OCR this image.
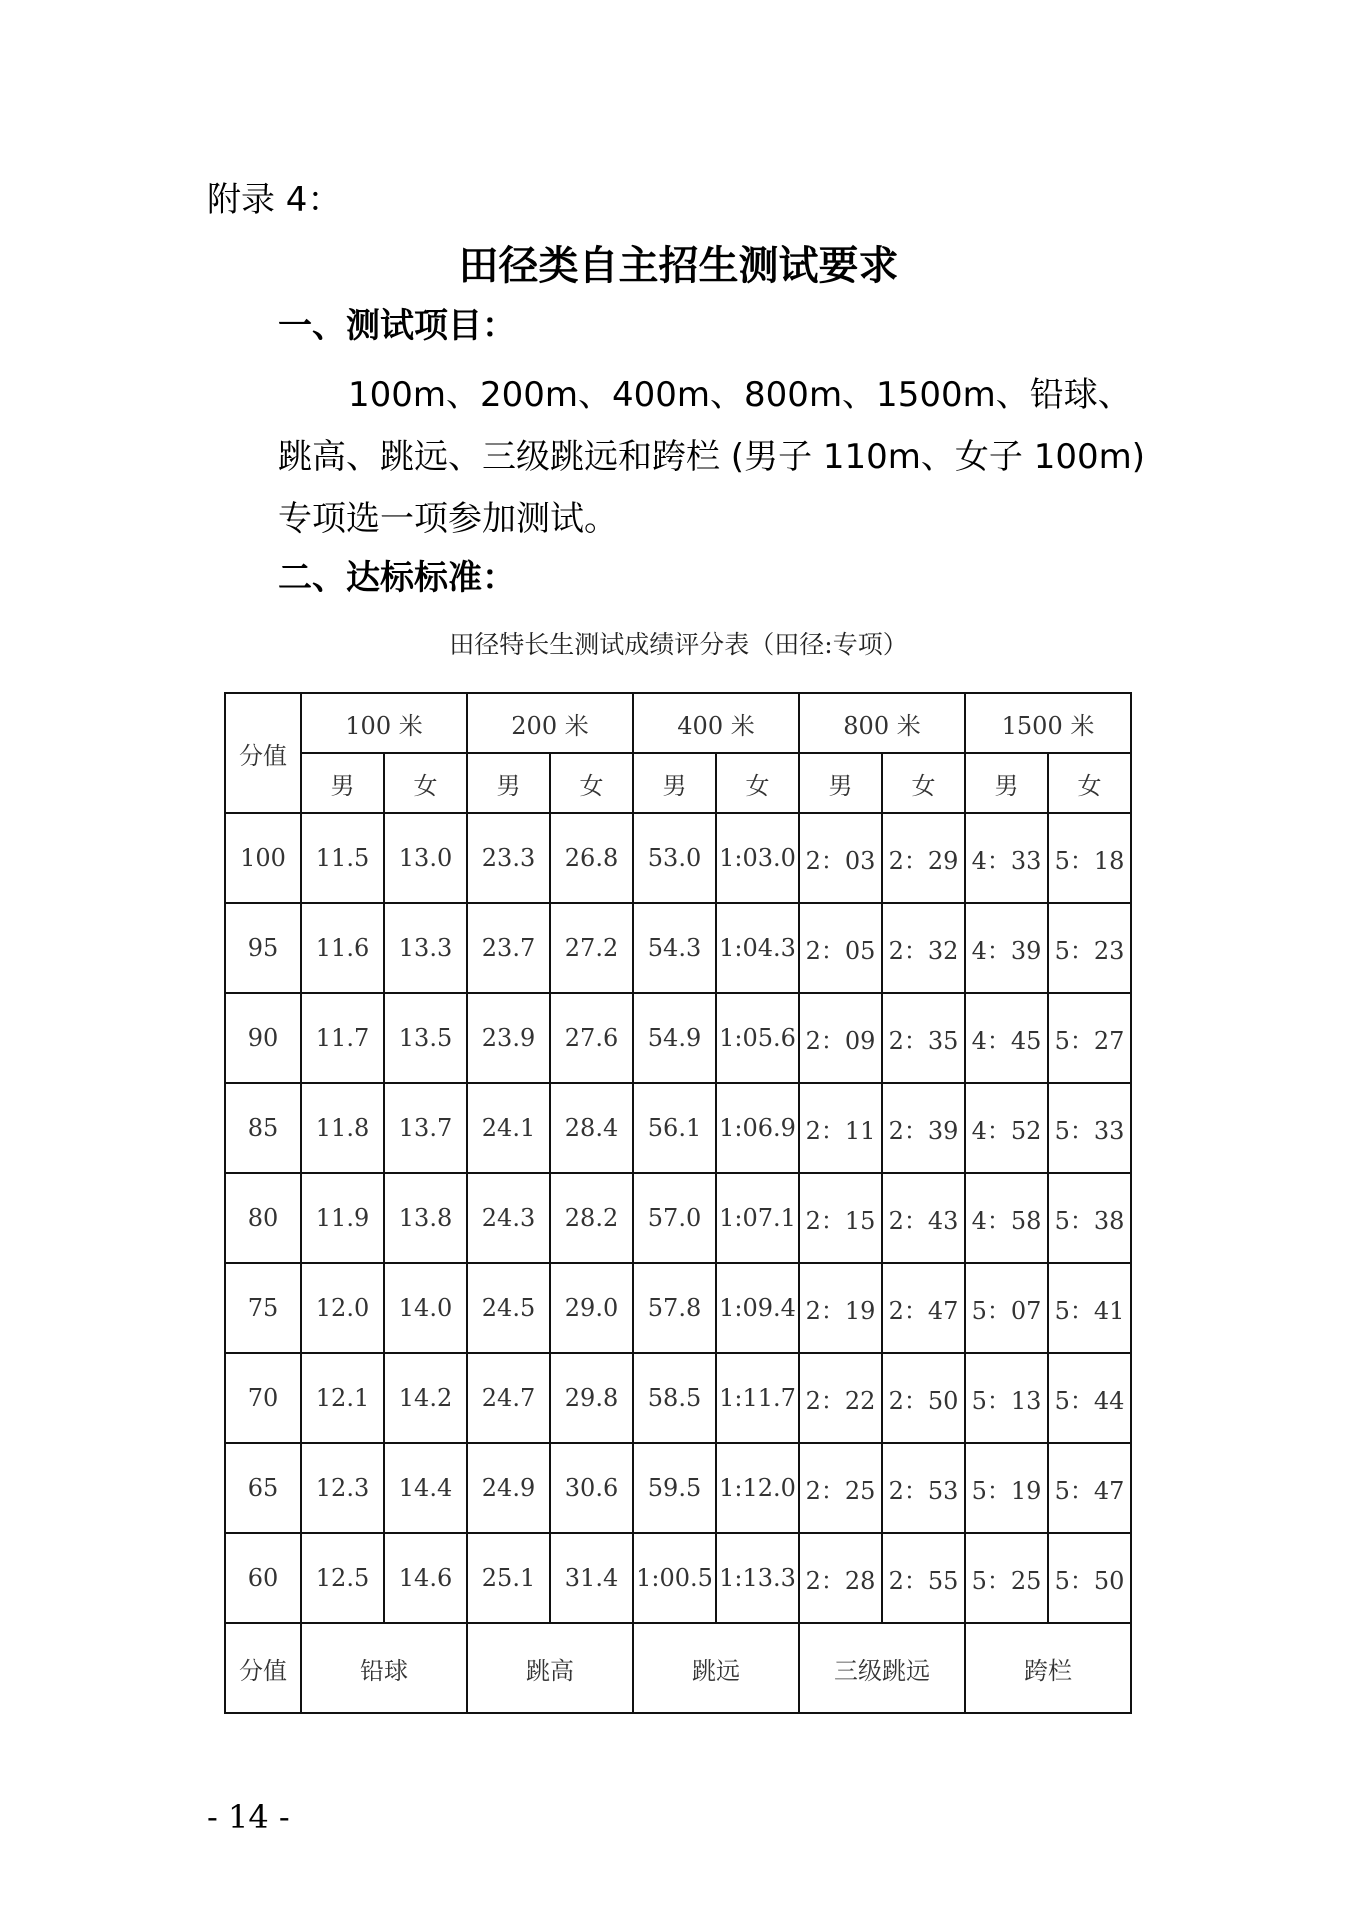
附录 4：
田径类自主招生测试要求
一、测试项目：
100m、200m、400m、800m、1500m、铅球、
跳高、跳远、三级跳远和跨栏 (男子 110m、女子 100m)
专项选一项参加测试。
二、达标标准：
田径特长生测试成绩评分表（田径:专项）
分值	100 米		200 米		400 米		800 米		1500 米	
	男	女	男	女	男	女	男	女	男	女
100	11.5	13.0	23.3	26.8	53.0	1:03.0	2：03	2：29	4：33	5：18
95	11.6	13.3	23.7	27.2	54.3	1:04.3	2：05	2：32	4：39	5：23
90	11.7	13.5	23.9	27.6	54.9	1:05.6	2：09	2：35	4：45	5：27
85	11.8	13.7	24.1	28.4	56.1	1:06.9	2：11	2：39	4：52	5：33
80	11.9	13.8	24.3	28.2	57.0	1:07.1	2：15	2：43	4：58	5：38
75	12.0	14.0	24.5	29.0	57.8	1:09.4	2：19	2：47	5：07	5：41
70	12.1	14.2	24.7	29.8	58.5	1:11.7	2：22	2：50	5：13	5：44
65	12.3	14.4	24.9	30.6	59.5	1:12.0	2：25	2：53	5：19	5：47
60	12.5	14.6	25.1	31.4	1:00.5	1:13.3	2：28	2：55	5：25	5：50
分值	铅球		跳高		跳远		三级跳远		跨栏	
- 14 -
